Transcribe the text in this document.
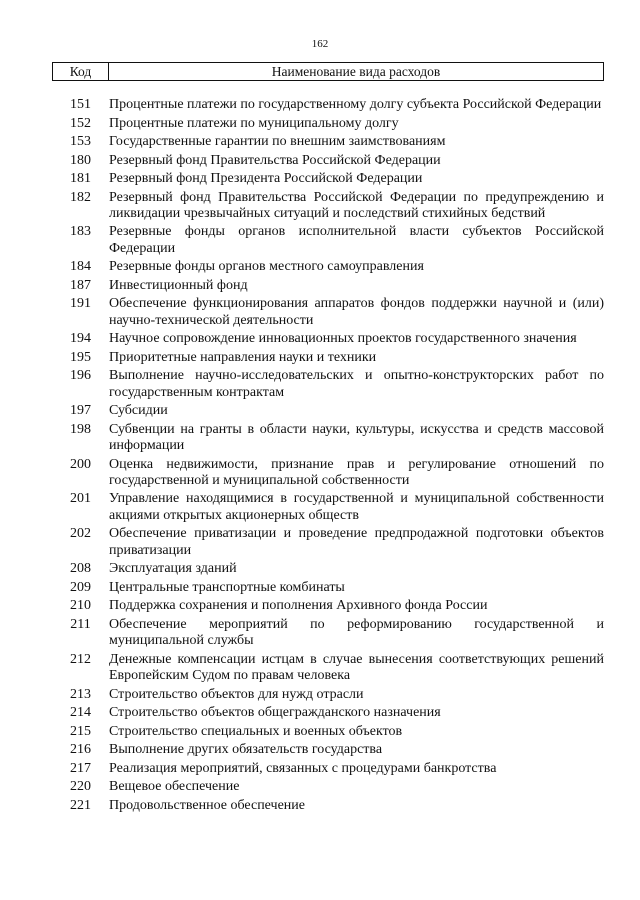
162
Код	Наименование вида расходов
151	Процентные платежи по государственному долгу субъекта Российской Федерации
152	Процентные платежи по муниципальному долгу
153	Государственные гарантии по внешним заимствованиям
180	Резервный фонд Правительства Российской Федерации
181	Резервный фонд Президента Российской Федерации
182	Резервный фонд Правительства Российской Федерации по предупреждению и ликвидации чрезвычайных ситуаций и последствий стихийных бедствий
183	Резервные фонды органов исполнительной власти субъектов Российской Федерации
184	Резервные фонды органов местного самоуправления
187	Инвестиционный фонд
191	Обеспечение функционирования аппаратов фондов поддержки научной и (или) научно-технической деятельности
194	Научное сопровождение инновационных проектов государственного значения
195	Приоритетные направления науки и техники
196	Выполнение научно-исследовательских и опытно-конструкторских работ по государственным контрактам
197	Субсидии
198	Субвенции на гранты в области науки, культуры, искусства и средств массовой информации
200	Оценка недвижимости, признание прав и регулирование отношений по государственной и муниципальной собственности
201	Управление находящимися в государственной и муниципальной собственности акциями открытых акционерных обществ
202	Обеспечение приватизации и проведение предпродажной подготовки объектов приватизации
208	Эксплуатация зданий
209	Центральные транспортные комбинаты
210	Поддержка сохранения и пополнения Архивного фонда России
211	Обеспечение мероприятий по реформированию государственной и муниципальной службы
212	Денежные компенсации истцам в случае вынесения соответствующих решений Европейским Судом по правам человека
213	Строительство объектов для нужд отрасли
214	Строительство объектов общегражданского назначения
215	Строительство специальных и военных объектов
216	Выполнение других обязательств государства
217	Реализация мероприятий, связанных с процедурами банкротства
220	Вещевое обеспечение
221	Продовольственное обеспечение
